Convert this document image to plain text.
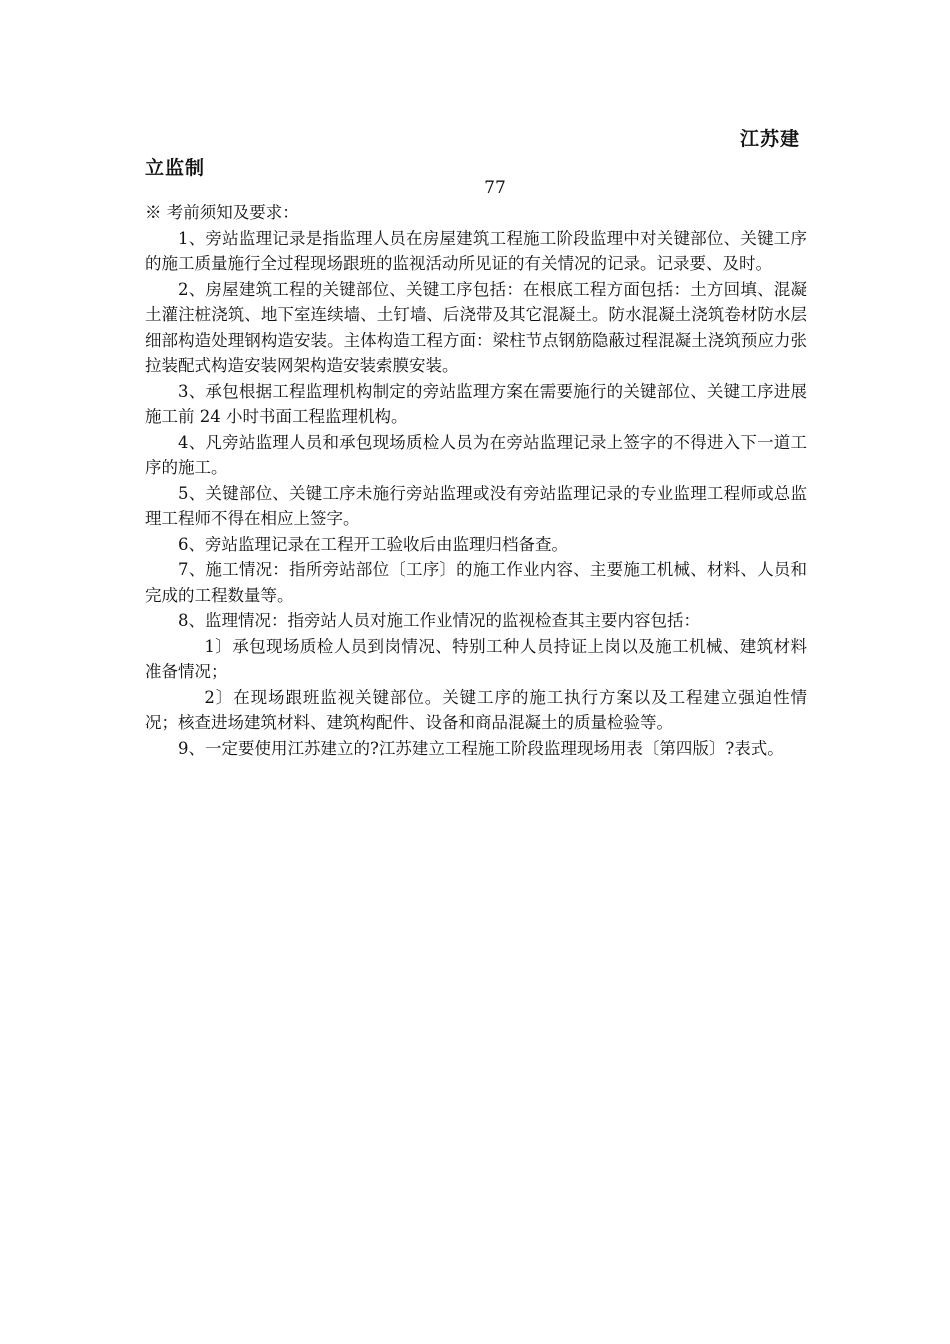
江苏建
立监制
77

※ 考前须知及要求：

1、旁站监理记录是指监理人员在房屋建筑工程施工阶段监理中对关键部位、关键工序的施工质量施行全过程现场跟班的监视活动所见证的有关情况的记录。记录要、及时。

2、房屋建筑工程的关键部位、关键工序包括：在根底工程方面包括：土方回填、混凝土灌注桩浇筑、地下室连续墙、土钉墙、后浇带及其它混凝土。防水混凝土浇筑卷材防水层细部构造处理钢构造安装。主体构造工程方面：梁柱节点钢筋隐蔽过程混凝土浇筑预应力张拉装配式构造安装网架构造安装索膜安装。

3、承包根据工程监理机构制定的旁站监理方案在需要施行的关键部位、关键工序进展施工前 24 小时书面工程监理机构。

4、凡旁站监理人员和承包现场质检人员为在旁站监理记录上签字的不得进入下一道工序的施工。

5、关键部位、关键工序未施行旁站监理或没有旁站监理记录的专业监理工程师或总监理工程师不得在相应上签字。

6、旁站监理记录在工程开工验收后由监理归档备查。

7、施工情况：指所旁站部位〔工序〕的施工作业内容、主要施工机械、材料、人员和完成的工程数量等。

8、监理情况：指旁站人员对施工作业情况的监视检查其主要内容包括：

1〕承包现场质检人员到岗情况、特别工种人员持证上岗以及施工机械、建筑材料准备情况；

2〕在现场跟班监视关键部位。关键工序的施工执行方案以及工程建立强迫性情况；核查进场建筑材料、建筑构配件、设备和商品混凝土的质量检验等。

9、一定要使用江苏建立的?江苏建立工程施工阶段监理现场用表〔第四版〕?表式。
